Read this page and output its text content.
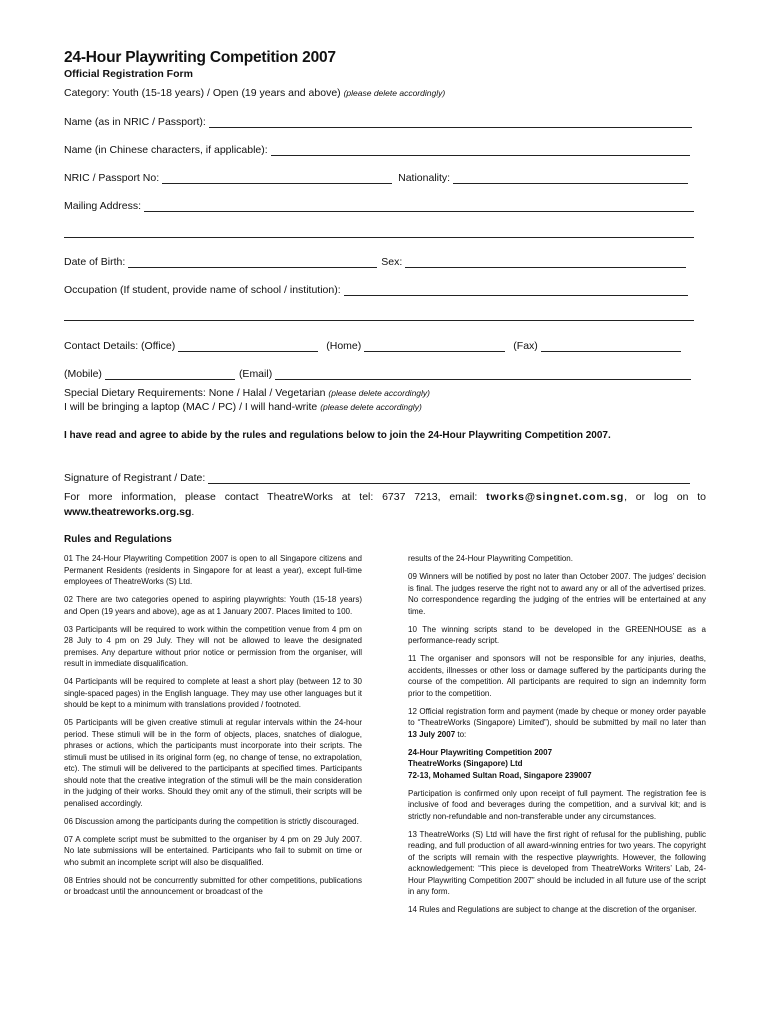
24-Hour Playwriting Competition 2007
Official Registration Form
Category: Youth (15-18 years) / Open (19 years and above) (please delete accordingly)
Name (as in NRIC / Passport):
Name (in Chinese characters, if applicable):
NRIC / Passport No:	Nationality:
Mailing Address:
Date of Birth:	Sex:
Occupation (If student, provide name of school / institution):
Contact Details: (Office)	(Home)	(Fax)
(Mobile)	(Email)
Special Dietary Requirements: None / Halal / Vegetarian (please delete accordingly)
I will be bringing a laptop (MAC / PC) / I will hand-write (please delete accordingly)
I have read and agree to abide by the rules and regulations below to join the 24-Hour Playwriting Competition 2007.
Signature of Registrant / Date:
For more information, please contact TheatreWorks at tel: 6737 7213, email: tworks@singnet.com.sg, or log on to www.theatreworks.org.sg.
Rules and Regulations

01 The 24-Hour Playwriting Competition 2007 is open to all Singapore citizens and Permanent Residents (residents in Singapore for at least a year), except full-time employees of TheatreWorks (S) Ltd.

02 There are two categories opened to aspiring playwrights: Youth (15-18 years) and Open (19 years and above), age as at 1 January 2007. Places limited to 100.

03 Participants will be required to work within the competition venue from 4 pm on 28 July to 4 pm on 29 July. They will not be allowed to leave the designated premises. Any departure without prior notice or permission from the organiser, will result in immediate disqualification.

04 Participants will be required to complete at least a short play (between 12 to 30 single-spaced pages) in the English language. They may use other languages but it should be kept to a minimum with translations provided / footnoted.

05 Participants will be given creative stimuli at regular intervals within the 24-hour period. These stimuli will be in the form of objects, places, snatches of dialogue, phrases or actions, which the participants must incorporate into their scripts. The stimuli must be utilised in its original form (eg, no change of tense, no extrapolation, etc). The stimuli will be delivered to the participants at specified times. Participants should note that the creative integration of the stimuli will be the main consideration in the judging of their works. Should they omit any of the stimuli, their scripts will be penalised accordingly.

06 Discussion among the participants during the competition is strictly discouraged.

07 A complete script must be submitted to the organiser by 4 pm on 29 July 2007. No late submissions will be entertained. Participants who fail to submit on time or who submit an incomplete script will also be disqualified.

08 Entries should not be concurrently submitted for other competitions, publications or broadcast until the announcement or broadcast of the

results of the 24-Hour Playwriting Competition.

09 Winners will be notified by post no later than October 2007. The judges’ decision is final. The judges reserve the right not to award any or all of the advertised prizes. No correspondence regarding the judging of the entries will be entertained at any time.

10 The winning scripts stand to be developed in the GREENHOUSE as a performance-ready script.

11 The organiser and sponsors will not be responsible for any injuries, deaths, accidents, illnesses or other loss or damage suffered by the participants during the course of the competition. All participants are required to sign an indemnity form prior to the competition.

12 Official registration form and payment (made by cheque or money order payable to “TheatreWorks (Singapore) Limited”), should be submitted by mail no later than 13 July 2007 to:

24-Hour Playwriting Competition 2007
TheatreWorks (Singapore) Ltd
72-13, Mohamed Sultan Road, Singapore 239007

Participation is confirmed only upon receipt of full payment. The registration fee is inclusive of food and beverages during the competition, and a survival kit; and is strictly non-refundable and non-transferable under any circumstances.

13 TheatreWorks (S) Ltd will have the first right of refusal for the publishing, public reading, and full production of all award-winning entries for two years. The copyright of the scripts will remain with the respective playwrights. However, the following acknowledgement: “This piece is developed from TheatreWorks Writers’ Lab, 24-Hour Playwriting Competition 2007” should be included in all future use of the script in any form.

14 Rules and Regulations are subject to change at the discretion of the organiser.
